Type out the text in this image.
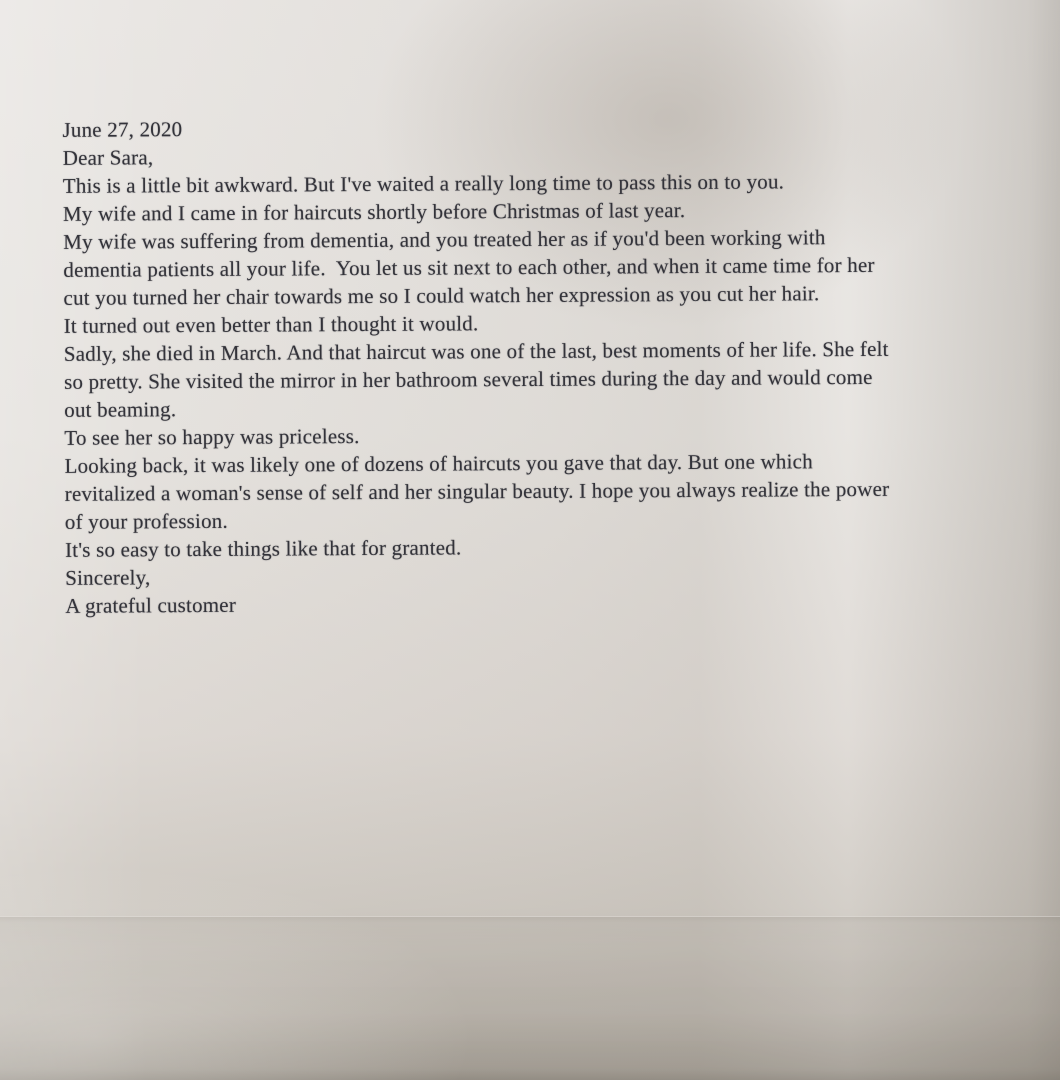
June 27, 2020

Dear Sara,

This is a little bit awkward. But I've waited a really long time to pass this on to you.

My wife and I came in for haircuts shortly before Christmas of last year.

My wife was suffering from dementia, and you treated her as if you'd been working with
dementia patients all your life.  You let us sit next to each other, and when it came time for her
cut you turned her chair towards me so I could watch her expression as you cut her hair.

It turned out even better than I thought it would.

Sadly, she died in March. And that haircut was one of the last, best moments of her life. She felt
so pretty. She visited the mirror in her bathroom several times during the day and would come
out beaming.

To see her so happy was priceless.

Looking back, it was likely one of dozens of haircuts you gave that day. But one which
revitalized a woman's sense of self and her singular beauty. I hope you always realize the power
of your profession.

It's so easy to take things like that for granted.

Sincerely,

A grateful customer
